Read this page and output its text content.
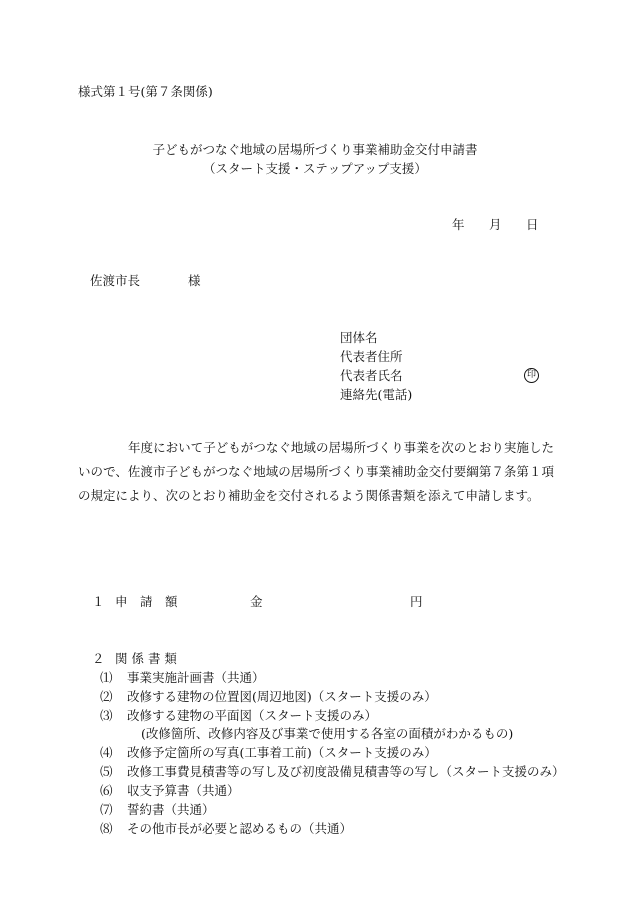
様式第１号(第７条関係)
子どもがつなぐ地域の居場所づくり事業補助金交付申請書
（スタート支援・ステップアップ支援）
年 月 日
佐渡市長	様
団体名
代表者住所
代表者氏名	印
連絡先(電話)
年度において子どもがつなぐ地域の居場所づくり事業を次のとおり実施したいので、佐渡市子どもがつなぐ地域の居場所づくり事業補助金交付要綱第７条第１項の規定により、次のとおり補助金を交付されるよう関係書類を添えて申請します。
１ 申　請　額	金	円
２ 関 係 書 類
⑴ 事業実施計画書（共通）
⑵ 改修する建物の位置図(周辺地図)（スタート支援のみ）
⑶ 改修する建物の平面図（スタート支援のみ）
(改修箇所、改修内容及び事業で使用する各室の面積がわかるもの)
⑷ 改修予定箇所の写真(工事着工前)（スタート支援のみ）
⑸ 改修工事費見積書等の写し及び初度設備見積書等の写し（スタート支援のみ）
⑹ 収支予算書（共通）
⑺ 誓約書（共通）
⑻ その他市長が必要と認めるもの（共通）
